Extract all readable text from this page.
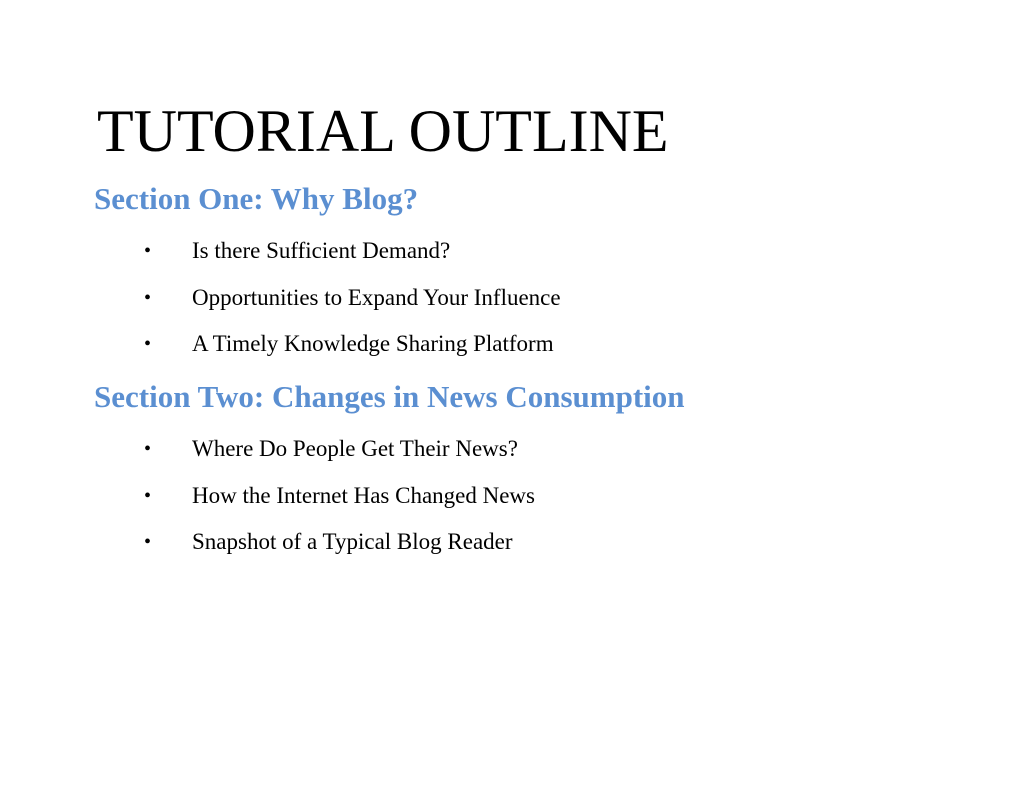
TUTORIAL OUTLINE
Section One: Why Blog?
• Is there Sufficient Demand?
• Opportunities to Expand Your Influence
• A Timely Knowledge Sharing Platform
Section Two: Changes in News Consumption
• Where Do People Get Their News?
• How the Internet Has Changed News
• Snapshot of a Typical Blog Reader
